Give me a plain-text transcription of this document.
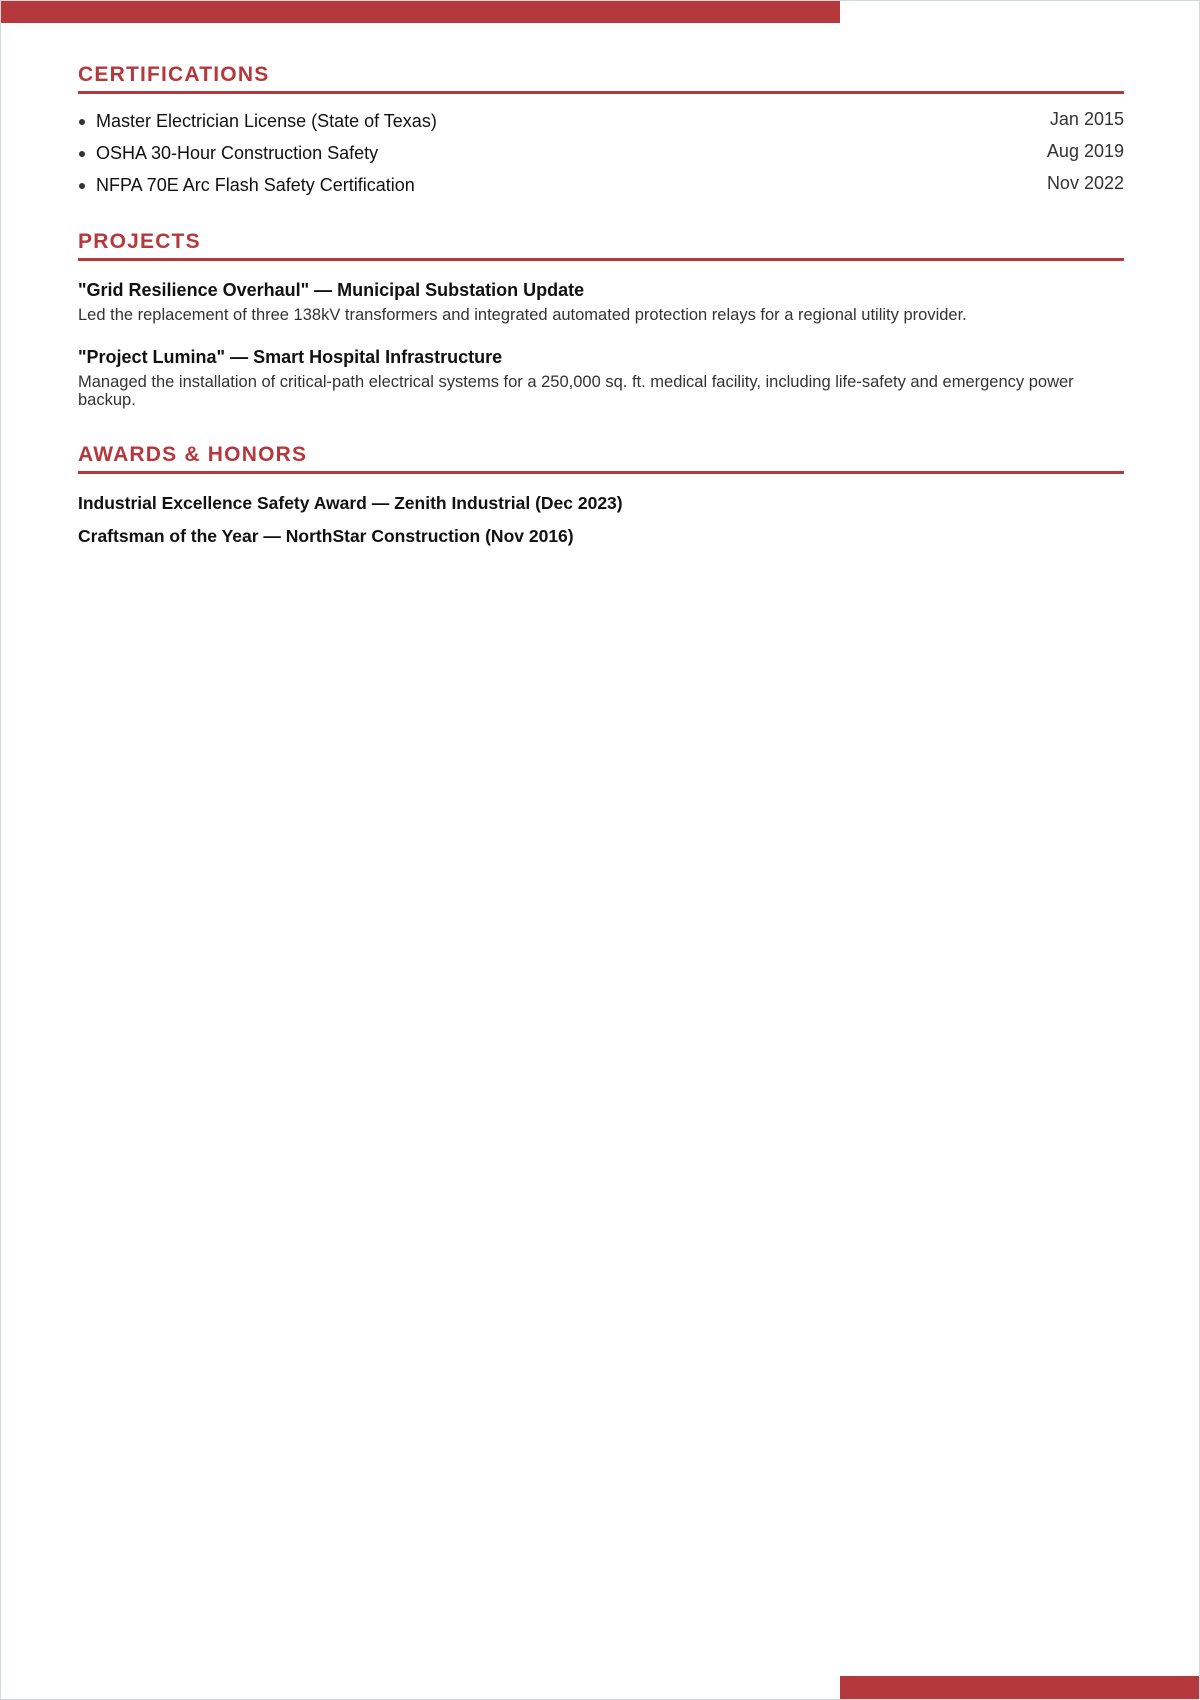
CERTIFICATIONS
Master Electrician License (State of Texas)	Jan 2015
OSHA 30-Hour Construction Safety	Aug 2019
NFPA 70E Arc Flash Safety Certification	Nov 2022
PROJECTS
"Grid Resilience Overhaul" — Municipal Substation Update
Led the replacement of three 138kV transformers and integrated automated protection relays for a regional utility provider.
"Project Lumina" — Smart Hospital Infrastructure
Managed the installation of critical-path electrical systems for a 250,000 sq. ft. medical facility, including life-safety and emergency power backup.
AWARDS & HONORS
Industrial Excellence Safety Award — Zenith Industrial (Dec 2023)
Craftsman of the Year — NorthStar Construction (Nov 2016)
